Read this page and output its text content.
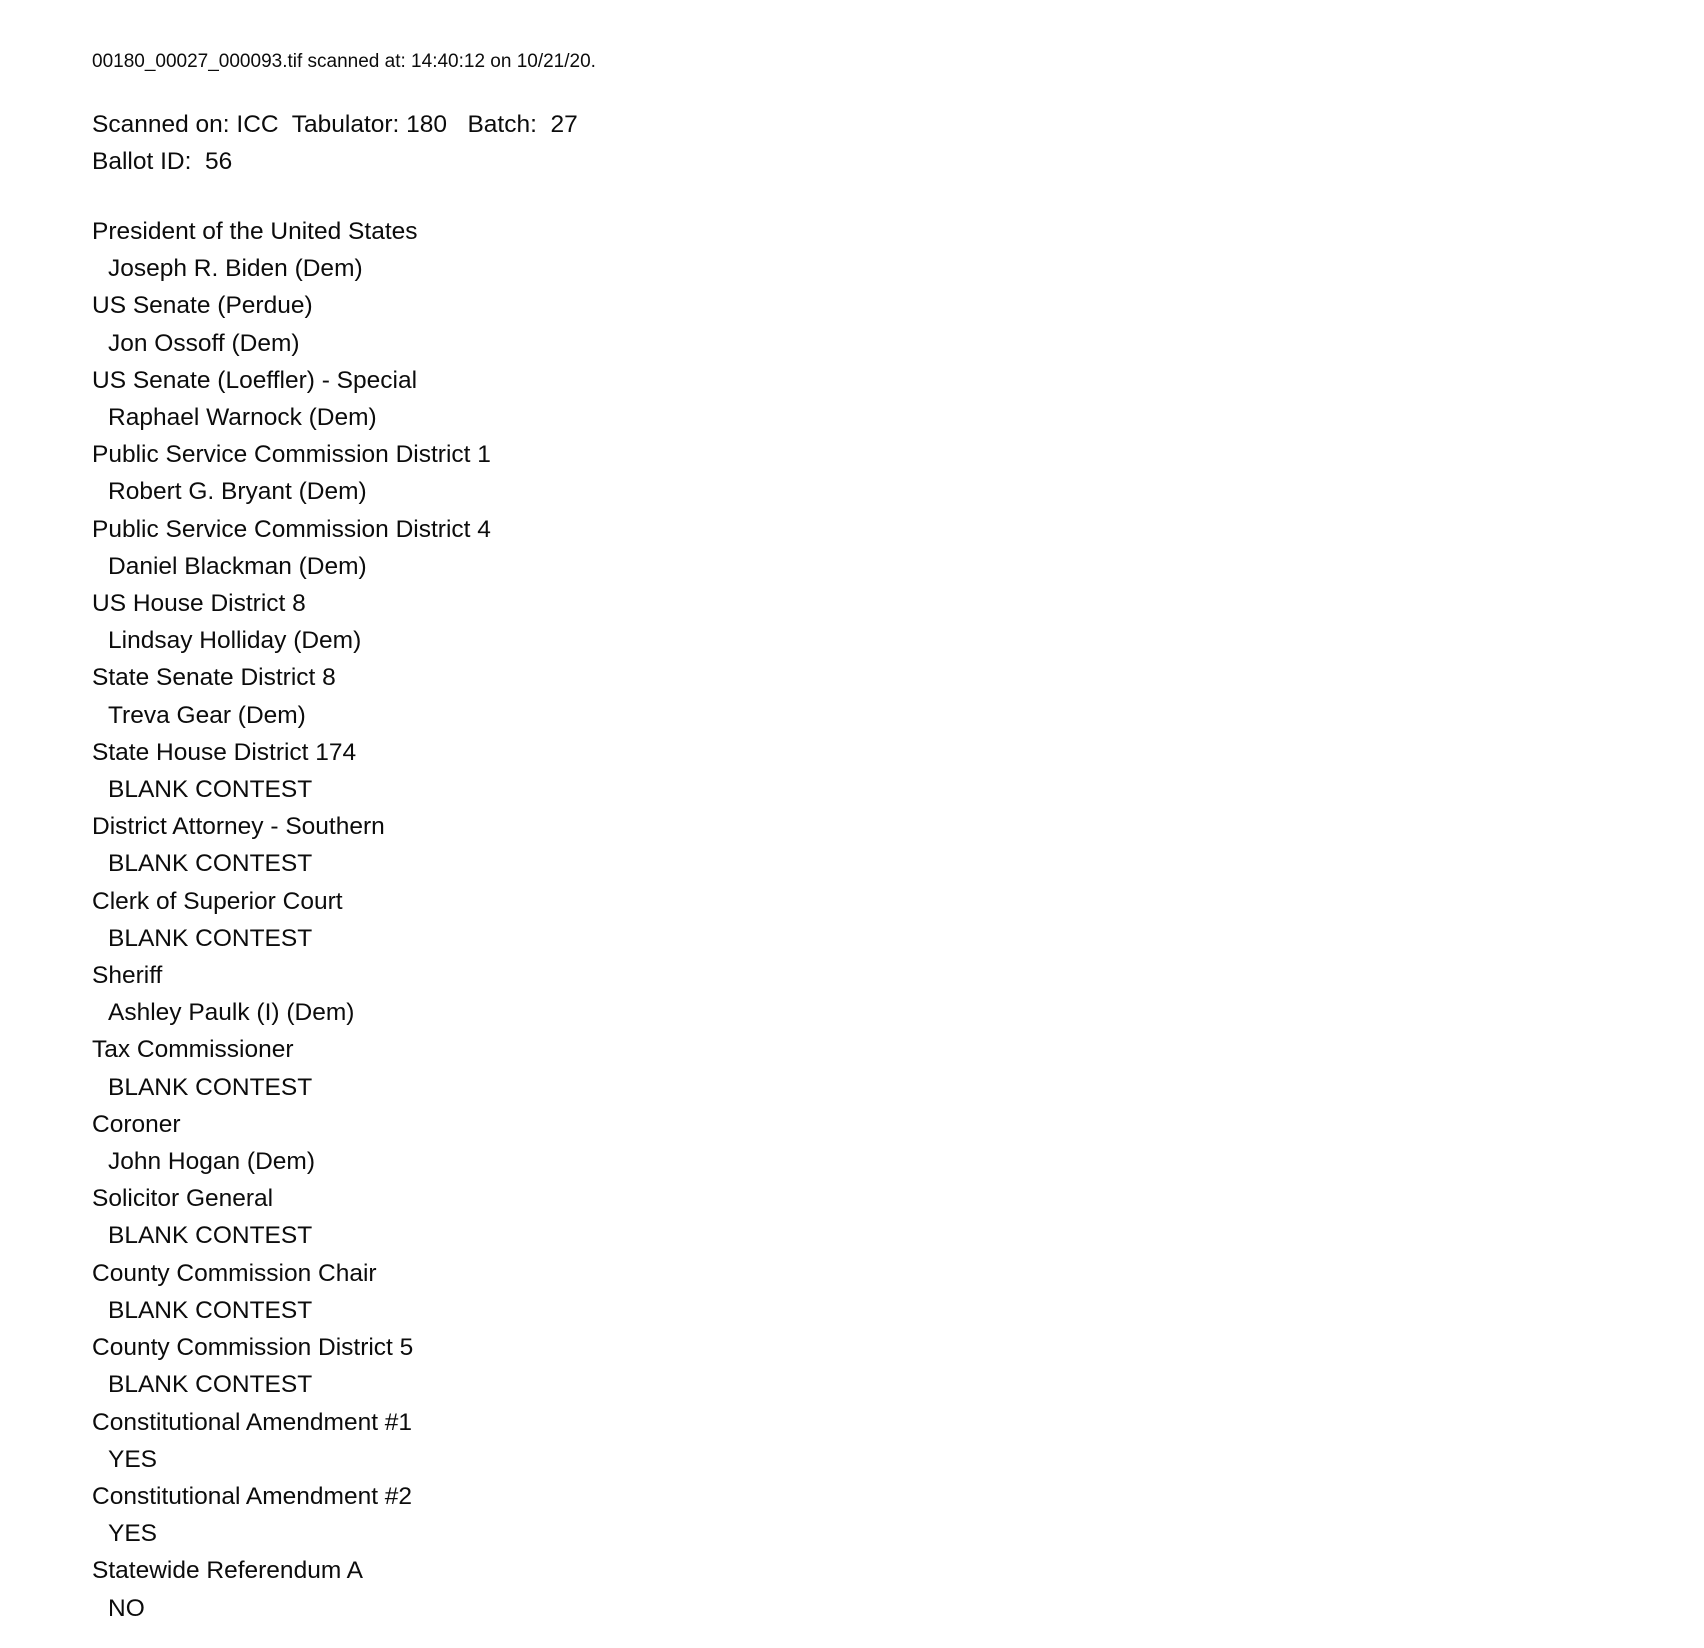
00180_00027_000093.tif scanned at: 14:40:12 on 10/21/20.
Scanned on: ICC  Tabulator: 180   Batch:  27
Ballot ID:  56
President of the United States
Joseph R. Biden (Dem)
US Senate (Perdue)
Jon Ossoff (Dem)
US Senate (Loeffler) - Special
Raphael Warnock (Dem)
Public Service Commission District 1
Robert G. Bryant (Dem)
Public Service Commission District 4
Daniel Blackman (Dem)
US House District 8
Lindsay Holliday (Dem)
State Senate District 8
Treva Gear (Dem)
State House District 174
BLANK CONTEST
District Attorney - Southern
BLANK CONTEST
Clerk of Superior Court
BLANK CONTEST
Sheriff
Ashley Paulk (I) (Dem)
Tax Commissioner
BLANK CONTEST
Coroner
John Hogan (Dem)
Solicitor General
BLANK CONTEST
County Commission Chair
BLANK CONTEST
County Commission District 5
BLANK CONTEST
Constitutional Amendment #1
YES
Constitutional Amendment #2
YES
Statewide Referendum A
NO
